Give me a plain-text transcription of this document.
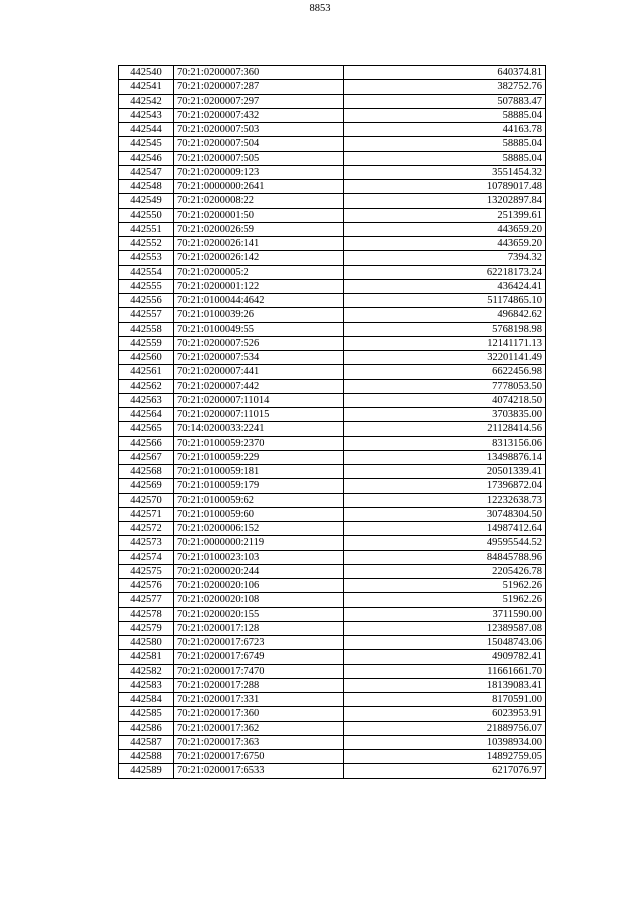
8853
442540	70:21:0200007:360	640374.81
442541	70:21:0200007:287	382752.76
442542	70:21:0200007:297	507883.47
442543	70:21:0200007:432	58885.04
442544	70:21:0200007:503	44163.78
442545	70:21:0200007:504	58885.04
442546	70:21:0200007:505	58885.04
442547	70:21:0200009:123	3551454.32
442548	70:21:0000000:2641	10789017.48
442549	70:21:0200008:22	13202897.84
442550	70:21:0200001:50	251399.61
442551	70:21:0200026:59	443659.20
442552	70:21:0200026:141	443659.20
442553	70:21:0200026:142	7394.32
442554	70:21:0200005:2	62218173.24
442555	70:21:0200001:122	436424.41
442556	70:21:0100044:4642	51174865.10
442557	70:21:0100039:26	496842.62
442558	70:21:0100049:55	5768198.98
442559	70:21:0200007:526	12141171.13
442560	70:21:0200007:534	32201141.49
442561	70:21:0200007:441	6622456.98
442562	70:21:0200007:442	7778053.50
442563	70:21:0200007:11014	4074218.50
442564	70:21:0200007:11015	3703835.00
442565	70:14:0200033:2241	21128414.56
442566	70:21:0100059:2370	8313156.06
442567	70:21:0100059:229	13498876.14
442568	70:21:0100059:181	20501339.41
442569	70:21:0100059:179	17396872.04
442570	70:21:0100059:62	12232638.73
442571	70:21:0100059:60	30748304.50
442572	70:21:0200006:152	14987412.64
442573	70:21:0000000:2119	49595544.52
442574	70:21:0100023:103	84845788.96
442575	70:21:0200020:244	2205426.78
442576	70:21:0200020:106	51962.26
442577	70:21:0200020:108	51962.26
442578	70:21:0200020:155	3711590.00
442579	70:21:0200017:128	12389587.08
442580	70:21:0200017:6723	15048743.06
442581	70:21:0200017:6749	4909782.41
442582	70:21:0200017:7470	11661661.70
442583	70:21:0200017:288	18139083.41
442584	70:21:0200017:331	8170591.00
442585	70:21:0200017:360	6023953.91
442586	70:21:0200017:362	21889756.07
442587	70:21:0200017:363	10398934.00
442588	70:21:0200017:6750	14892759.05
442589	70:21:0200017:6533	6217076.97
